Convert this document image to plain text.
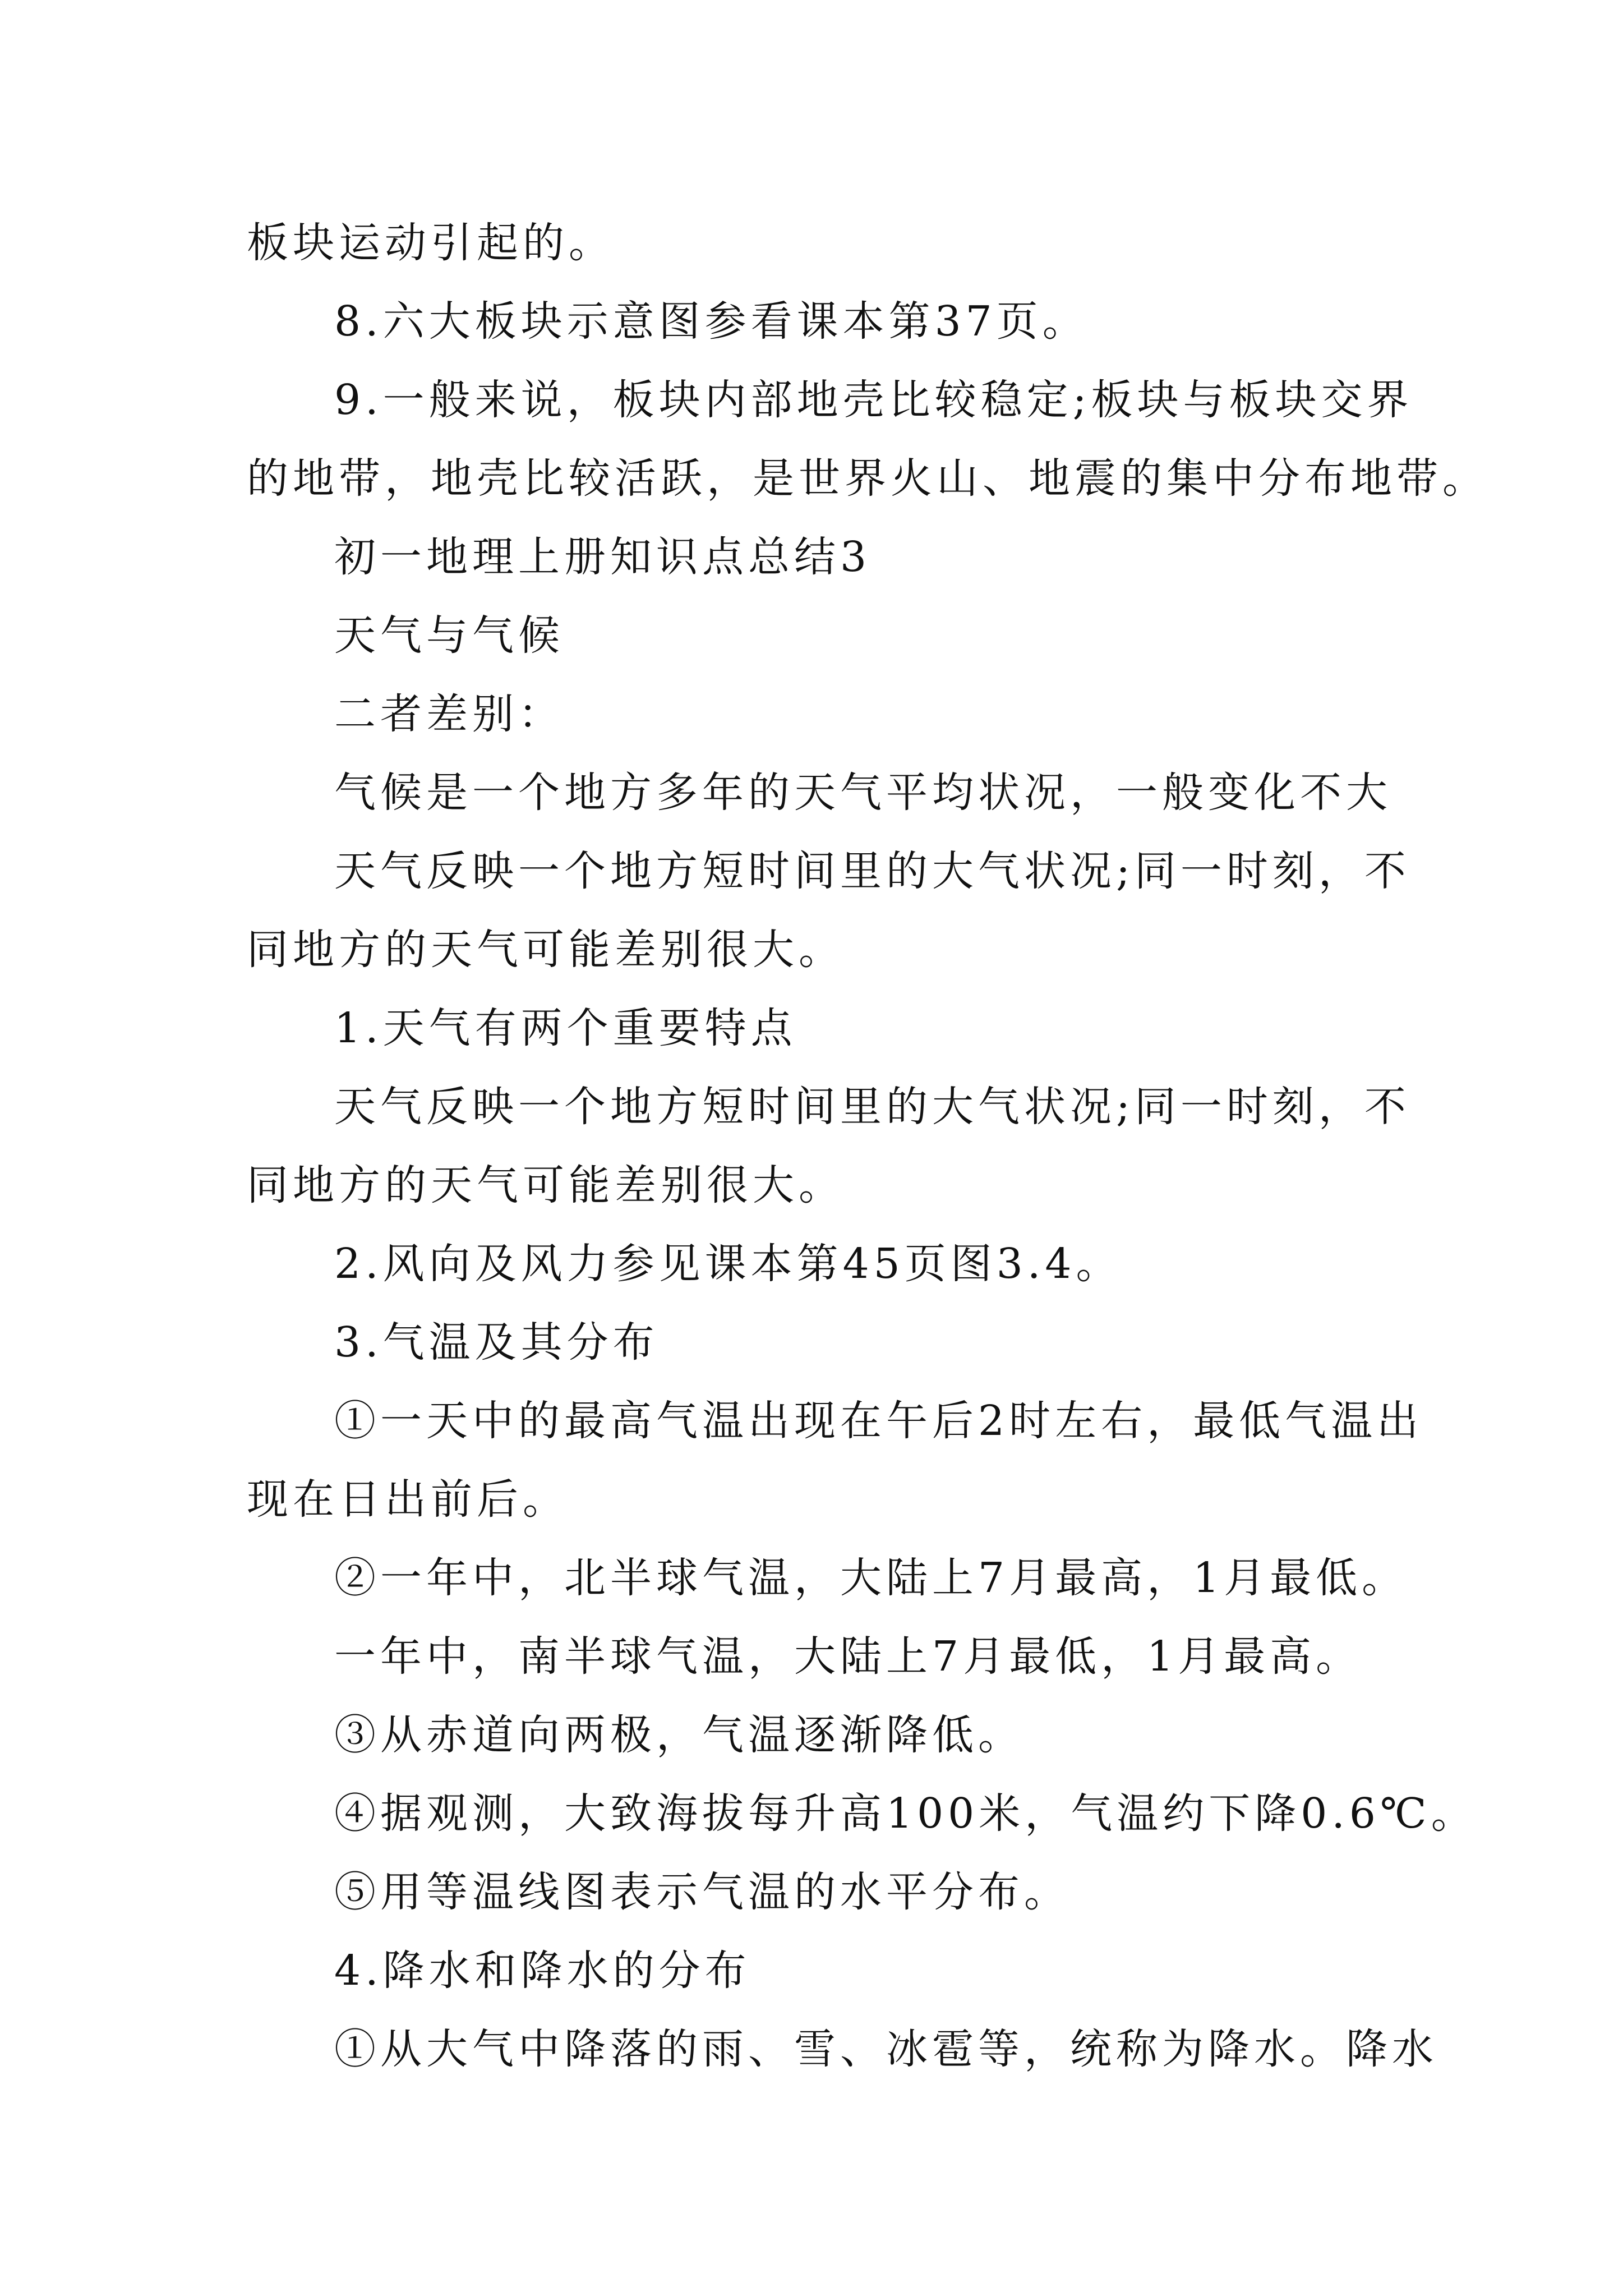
板块运动引起的。
8.六大板块示意图参看课本第37页。
9.一般来说，板块内部地壳比较稳定;板块与板块交界
的地带，地壳比较活跃，是世界火山、地震的集中分布地带。
初一地理上册知识点总结3
天气与气候
二者差别：
气候是一个地方多年的天气平均状况，一般变化不大
天气反映一个地方短时间里的大气状况;同一时刻，不
同地方的天气可能差别很大。
1.天气有两个重要特点
天气反映一个地方短时间里的大气状况;同一时刻，不
同地方的天气可能差别很大。
2.风向及风力参见课本第45页图3.4。
3.气温及其分布
①一天中的最高气温出现在午后2时左右，最低气温出
现在日出前后。
②一年中，北半球气温，大陆上7月最高，1月最低。
一年中，南半球气温，大陆上7月最低，1月最高。
③从赤道向两极，气温逐渐降低。
④据观测，大致海拔每升高100米，气温约下降0.6℃。
⑤用等温线图表示气温的水平分布。
4.降水和降水的分布
①从大气中降落的雨、雪、冰雹等，统称为降水。降水
